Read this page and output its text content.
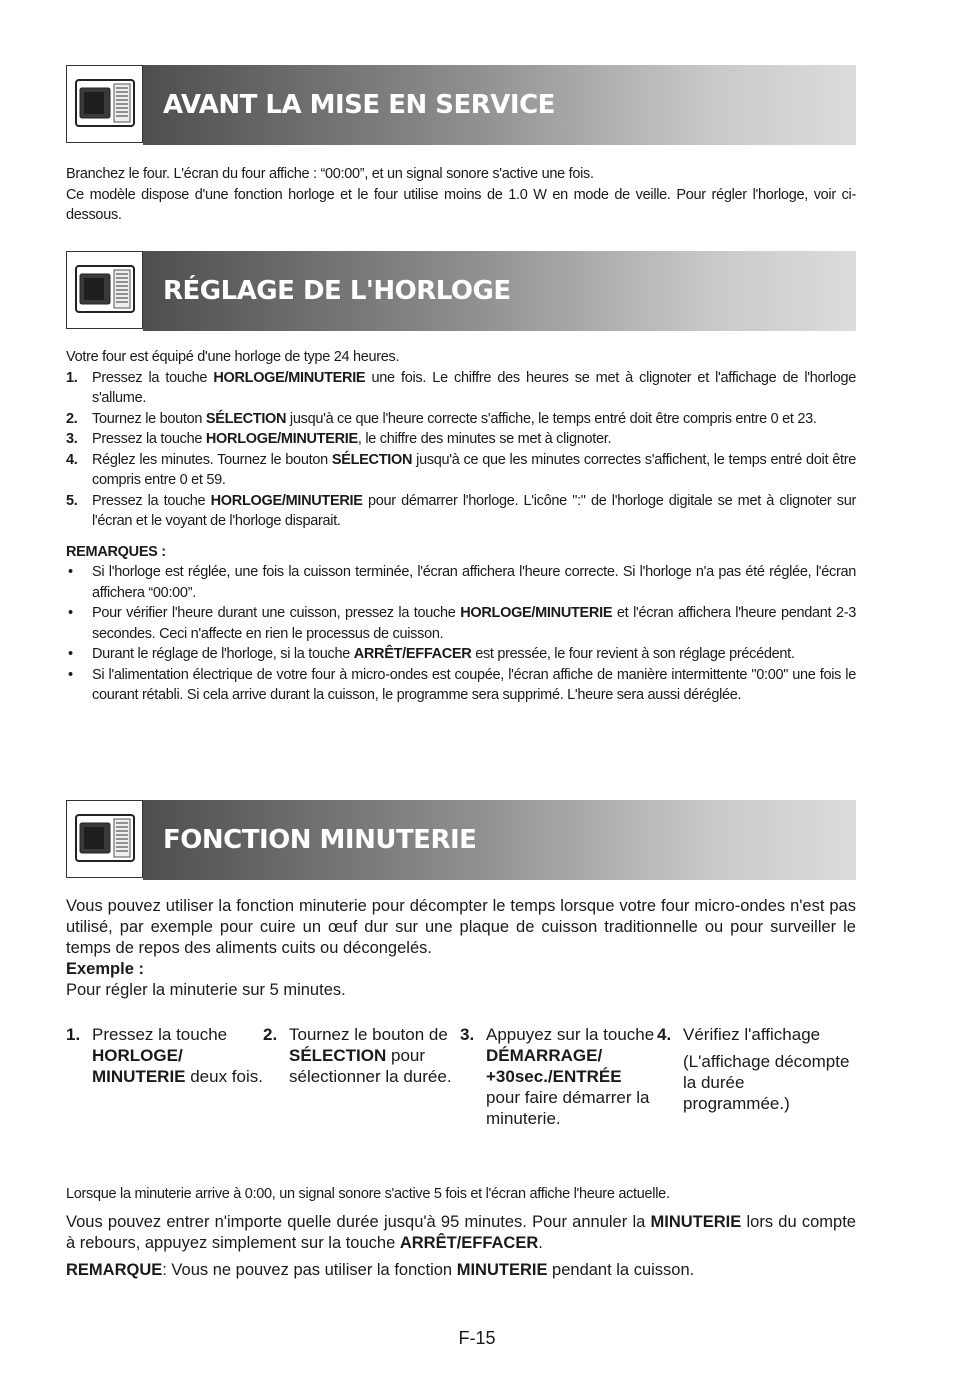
AVANT LA MISE EN SERVICE

Branchez le four. L'écran du four affiche : “00:00”, et un signal sonore s'active une fois.

Ce modèle dispose d'une fonction horloge et le four utilise moins de 1.0 W en mode de veille. Pour régler l'horloge, voir ci-dessous.

RÉGLAGE DE L'HORLOGE

Votre four est équipé d'une horloge de type 24 heures.

1. Pressez la touche HORLOGE/MINUTERIE une fois. Le chiffre des heures se met à clignoter et l'affichage de l'horloge s'allume.
2. Tournez le bouton SÉLECTION jusqu'à ce que l'heure correcte s'affiche, le temps entré doit être compris entre 0 et 23.
3. Pressez la touche HORLOGE/MINUTERIE, le chiffre des minutes se met à clignoter.
4. Réglez les minutes. Tournez le bouton SÉLECTION jusqu'à ce que les minutes correctes s'affichent, le temps entré doit être compris entre 0 et 59.
5. Pressez la touche HORLOGE/MINUTERIE pour démarrer l'horloge. L'icône ":" de l'horloge digitale se met à clignoter sur l'écran et le voyant de l'horloge disparait.

REMARQUES :

• Si l'horloge est réglée, une fois la cuisson terminée, l'écran affichera l'heure correcte. Si l'horloge n'a pas été réglée, l'écran affichera “00:00”.
• Pour vérifier l'heure durant une cuisson, pressez la touche HORLOGE/MINUTERIE et l'écran affichera l'heure pendant 2-3 secondes. Ceci n'affecte en rien le processus de cuisson.
• Durant le réglage de l'horloge, si la touche ARRÊT/EFFACER est pressée, le four revient à son réglage précédent.
• Si l'alimentation électrique de votre four à micro-ondes est coupée, l'écran affiche de manière intermittente "0:00" une fois le courant rétabli. Si cela arrive durant la cuisson, le programme sera supprimé. L'heure sera aussi déréglée.
FONCTION MINUTERIE

Vous pouvez utiliser la fonction minuterie pour décompter le temps lorsque votre four micro-ondes n'est pas utilisé, par exemple pour cuire un œuf dur sur une plaque de cuisson traditionnelle ou pour surveiller le temps de repos des aliments cuits ou décongelés.

Exemple :

Pour régler la minuterie sur 5 minutes.

1. Pressez la touche HORLOGE/ MINUTERIE deux fois.
2. Tournez le bouton de SÉLECTION pour sélectionner la durée.
3. Appuyez sur la touche DÉMARRAGE/ +30sec./ENTRÉE pour faire démarrer la minuterie.
4. Vérifiez l'affichage

(L'affichage décompte la durée programmée.)

Lorsque la minuterie arrive à 0:00, un signal sonore s'active 5 fois et l'écran affiche l'heure actuelle.

Vous pouvez entrer n'importe quelle durée jusqu'à 95 minutes. Pour annuler la MINUTERIE lors du compte à rebours, appuyez simplement sur la touche ARRÊT/EFFACER.

REMARQUE: Vous ne pouvez pas utiliser la fonction MINUTERIE pendant la cuisson.

F-15
